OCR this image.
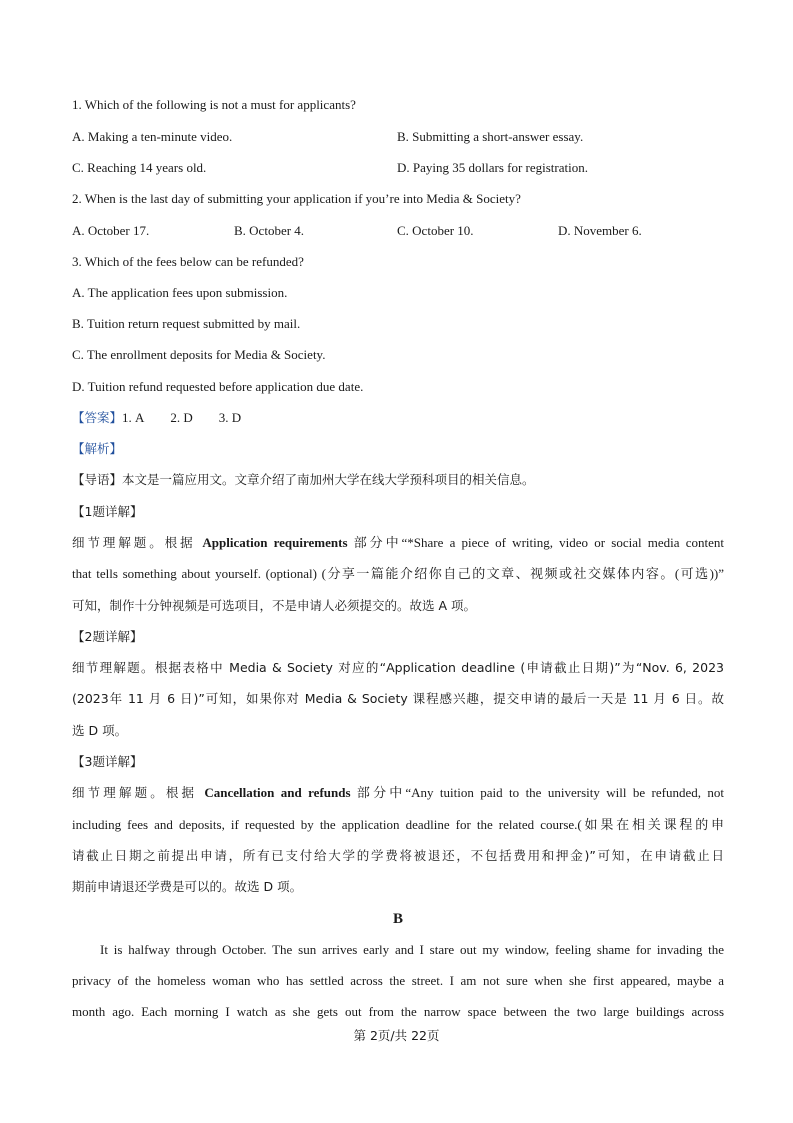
1. Which of the following is not a must for applicants?
A. Making a ten-minute video.	B. Submitting a short-answer essay.
C. Reaching 14 years old.	D. Paying 35 dollars for registration.
2. When is the last day of submitting your application if you’re into Media & Society?
A. October 17.	B. October 4.	C. October 10.	D. November 6.
3. Which of the fees below can be refunded?
A. The application fees upon submission.
B. Tuition return request submitted by mail.
C. The enrollment deposits for Media & Society.
D. Tuition refund requested before application due date.
【答案】1. A 2. D 3. D
【解析】
【导语】本文是一篇应用文。文章介绍了南加州大学在线大学预科项目的相关信息。
【1题详解】
细节理解题。根据 Application requirements 部分中“*Share a piece of writing, video or social media content
that tells something about yourself. (optional) (分享一篇能介绍你自己的文章、视频或社交媒体内容。(可选))”
可知，制作十分钟视频是可选项目，不是申请人必须提交的。故选 A 项。
【2题详解】
细节理解题。根据表格中 Media & Society 对应的“Application deadline (申请截止日期)”为“Nov. 6, 2023
(2023年 11 月 6 日)”可知，如果你对 Media & Society 课程感兴趣，提交申请的最后一天是 11 月 6 日。故
选 D 项。
【3题详解】
细节理解题。根据 Cancellation and refunds 部分中“Any tuition paid to the university will be refunded, not
including fees and deposits, if requested by the application deadline for the related course.(如果在相关课程的申
请截止日期之前提出申请，所有已支付给大学的学费将被退还，不包括费用和押金)”可知，在申请截止日
期前申请退还学费是可以的。故选 D 项。
B
It is halfway through October. The sun arrives early and I stare out my window, feeling shame for invading the
privacy of the homeless woman who has settled across the street. I am not sure when she first appeared, maybe a
month ago. Each morning I watch as she gets out from the narrow space between the two large buildings across
第 2页/共 22页
